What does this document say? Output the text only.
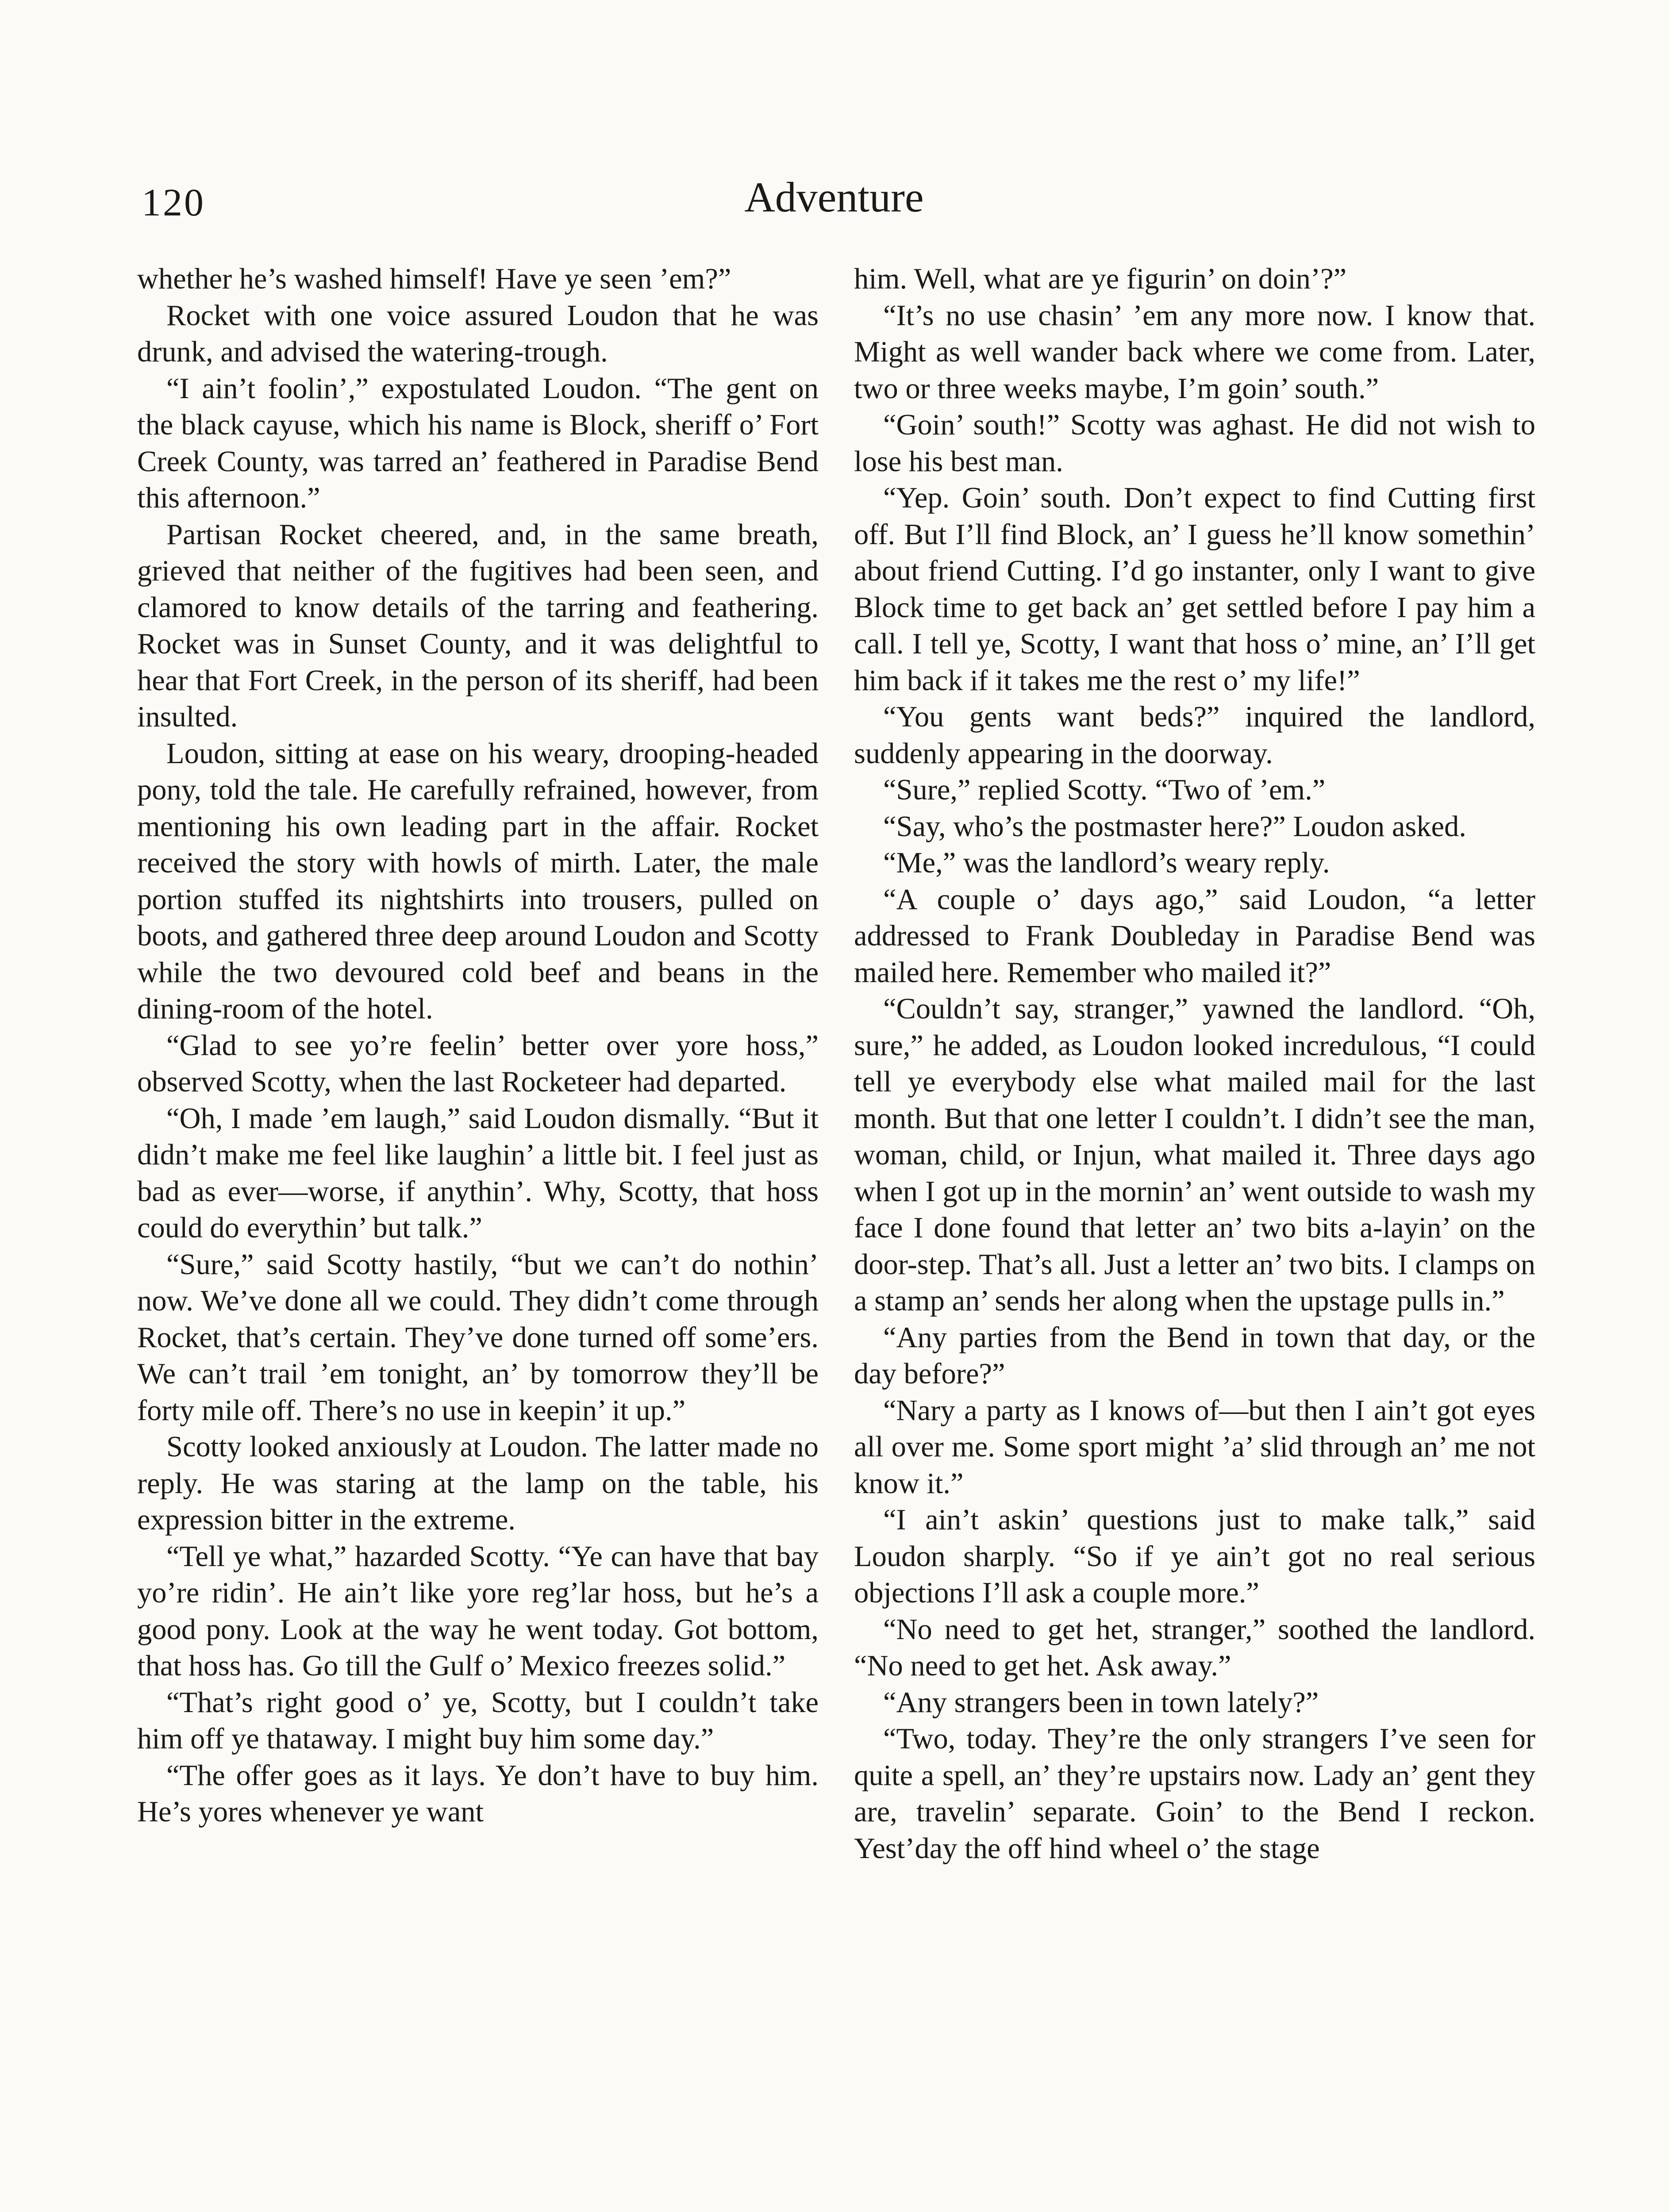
120	Adventure

whether he’s washed himself! Have ye seen ’em?”

Rocket with one voice assured Loudon that he was drunk, and advised the watering-trough.

“I ain’t foolin’,” expostulated Loudon. “The gent on the black cayuse, which his name is Block, sheriff o’ Fort Creek County, was tarred an’ feathered in Paradise Bend this afternoon.”

Partisan Rocket cheered, and, in the same breath, grieved that neither of the fugitives had been seen, and clamored to know details of the tarring and feathering. Rocket was in Sunset County, and it was delightful to hear that Fort Creek, in the person of its sheriff, had been insulted.

Loudon, sitting at ease on his weary, drooping-headed pony, told the tale. He carefully refrained, however, from mentioning his own leading part in the affair. Rocket received the story with howls of mirth. Later, the male portion stuffed its nightshirts into trousers, pulled on boots, and gathered three deep around Loudon and Scotty while the two devoured cold beef and beans in the dining-room of the hotel.

“Glad to see yo’re feelin’ better over yore hoss,” observed Scotty, when the last Rocketeer had departed.

“Oh, I made ’em laugh,” said Loudon dismally. “But it didn’t make me feel like laughin’ a little bit. I feel just as bad as ever—worse, if anythin’. Why, Scotty, that hoss could do everythin’ but talk.”

“Sure,” said Scotty hastily, “but we can’t do nothin’ now. We’ve done all we could. They didn’t come through Rocket, that’s certain. They’ve done turned off some’ers. We can’t trail ’em tonight, an’ by tomorrow they’ll be forty mile off. There’s no use in keepin’ it up.”

Scotty looked anxiously at Loudon. The latter made no reply. He was staring at the lamp on the table, his expression bitter in the extreme.

“Tell ye what,” hazarded Scotty. “Ye can have that bay yo’re ridin’. He ain’t like yore reg’lar hoss, but he’s a good pony. Look at the way he went today. Got bottom, that hoss has. Go till the Gulf o’ Mexico freezes solid.”

“That’s right good o’ ye, Scotty, but I couldn’t take him off ye thataway. I might buy him some day.”

“The offer goes as it lays. Ye don’t have to buy him. He’s yores whenever ye want

him. Well, what are ye figurin’ on doin’?”

“It’s no use chasin’ ’em any more now. I know that. Might as well wander back where we come from. Later, two or three weeks maybe, I’m goin’ south.”

“Goin’ south!” Scotty was aghast. He did not wish to lose his best man.

“Yep. Goin’ south. Don’t expect to find Cutting first off. But I’ll find Block, an’ I guess he’ll know somethin’ about friend Cutting. I’d go instanter, only I want to give Block time to get back an’ get settled before I pay him a call. I tell ye, Scotty, I want that hoss o’ mine, an’ I’ll get him back if it takes me the rest o’ my life!”

“You gents want beds?” inquired the landlord, suddenly appearing in the doorway.

“Sure,” replied Scotty. “Two of ’em.”

“Say, who’s the postmaster here?” Loudon asked.

“Me,” was the landlord’s weary reply.

“A couple o’ days ago,” said Loudon, “a letter addressed to Frank Doubleday in Paradise Bend was mailed here. Remember who mailed it?”

“Couldn’t say, stranger,” yawned the landlord. “Oh, sure,” he added, as Loudon looked incredulous, “I could tell ye everybody else what mailed mail for the last month. But that one letter I couldn’t. I didn’t see the man, woman, child, or Injun, what mailed it. Three days ago when I got up in the mornin’ an’ went outside to wash my face I done found that letter an’ two bits a-layin’ on the door-step. That’s all. Just a letter an’ two bits. I clamps on a stamp an’ sends her along when the upstage pulls in.”

“Any parties from the Bend in town that day, or the day before?”

“Nary a party as I knows of—but then I ain’t got eyes all over me. Some sport might ’a’ slid through an’ me not know it.”

“I ain’t askin’ questions just to make talk,” said Loudon sharply. “So if ye ain’t got no real serious objections I’ll ask a couple more.”

“No need to get het, stranger,” soothed the landlord. “No need to get het. Ask away.”

“Any strangers been in town lately?”

“Two, today. They’re the only strangers I’ve seen for quite a spell, an’ they’re upstairs now. Lady an’ gent they are, travelin’ separate. Goin’ to the Bend I reckon. Yest’day the off hind wheel o’ the stage
